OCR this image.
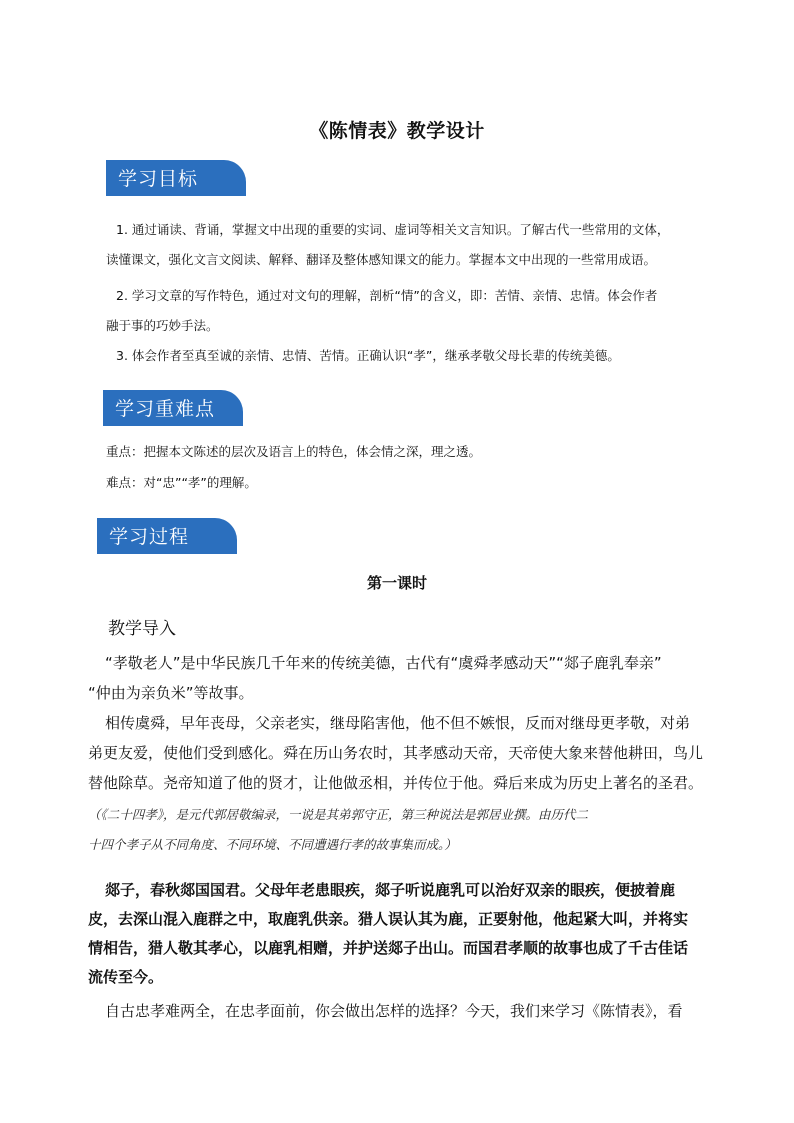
《陈情表》教学设计
学习目标
1. 通过诵读、背诵，掌握文中出现的重要的实词、虚词等相关文言知识。了解古代一些常用的文体，
读懂课文，强化文言文阅读、解释、翻译及整体感知课文的能力。掌握本文中出现的一些常用成语。
2. 学习文章的写作特色，通过对文句的理解，剖析“情”的含义，即：苦情、亲情、忠情。体会作者
融于事的巧妙手法。
3. 体会作者至真至诚的亲情、忠情、苦情。正确认识“孝”，继承孝敬父母长辈的传统美德。
学习重难点
重点：把握本文陈述的层次及语言上的特色，体会情之深，理之透。
难点：对“忠”“孝”的理解。
学习过程
第一课时
教学导入
“孝敬老人”是中华民族几千年来的传统美德，古代有“虞舜孝感动天”“郯子鹿乳奉亲”
“仲由为亲负米”等故事。
相传虞舜，早年丧母，父亲老实，继母陷害他，他不但不嫉恨，反而对继母更孝敬，对弟
弟更友爱，使他们受到感化。舜在历山务农时，其孝感动天帝，天帝使大象来替他耕田，鸟儿
替他除草。尧帝知道了他的贤才，让他做丞相，并传位于他。舜后来成为历史上著名的圣君。
（《二十四孝》，是元代郭居敬编录，一说是其弟郭守正，第三种说法是郭居业撰。由历代二
十四个孝子从不同角度、不同环境、不同遭遇行孝的故事集而成。）
郯子，春秋郯国国君。父母年老患眼疾，郯子听说鹿乳可以治好双亲的眼疾，便披着鹿
皮，去深山混入鹿群之中，取鹿乳供亲。猎人误认其为鹿，正要射他，他起紧大叫，并将实
情相告，猎人敬其孝心，以鹿乳相赠，并护送郯子出山。而国君孝顺的故事也成了千古佳话
流传至今。
自古忠孝难两全，在忠孝面前，你会做出怎样的选择？今天，我们来学习《陈情表》，看
